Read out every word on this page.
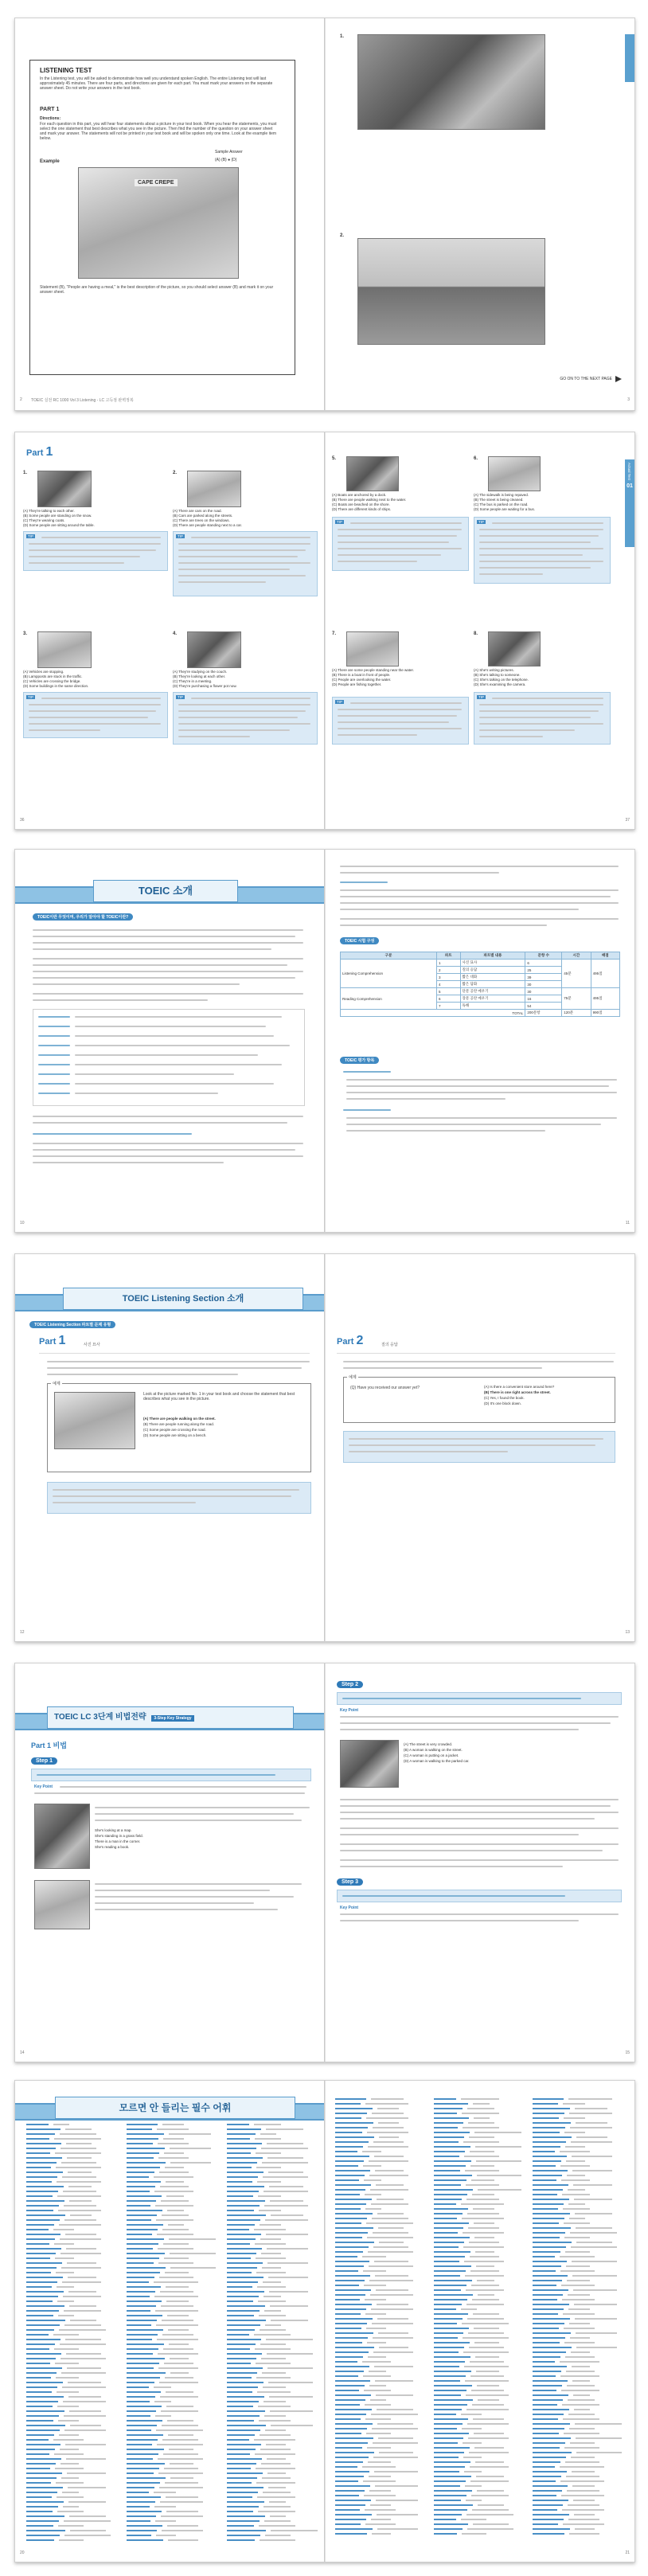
LISTENING TEST
In the Listening test, you will be asked to demonstrate how well you understand spoken English. The entire Listening test will last approximately 45 minutes. There are four parts, and directions are given for each part. You must mark your answers on the separate answer sheet. Do not write your answers in the test book.
PART 1
Directions:
For each question in this part, you will hear four statements about a picture in your test book. When you hear the statements, you must select the one statement that best describes what you see in the picture. Then find the number of the question on your answer sheet and mark your answer. The statements will not be printed in your test book and will be spoken only one time. Look at the example item below.
Example
Sample Answer
(A) (B) ● (D)
CAPE CREPE
Statement (B), "People are having a meal," is the best description of the picture, so you should select answer (B) and mark it on your answer sheet.
2 TOEIC 실전 RC 1000 Vol 3 Listening - LC 고득점 완벽정복
1.
2.
GO ON TO THE NEXT PAGE
3
Part 1
1.
(A) They're talking to each other.
(B) Some people are standing on the snow.
(C) They're wearing coats.
(D) Some people are sitting around the table.
TIP
2.
(A) There are cars on the road.
(B) Cars are parked along the streets.
(C) There are trees on the windows.
(D) There are people standing next to a car.
TIP
3.
(A) Vehicles are stopping.
(B) Lampposts are stuck in the traffic.
(C) Vehicles are crossing the bridge.
(D) Some buildings in the same direction.
TIP
4.
(A) They're studying on the couch.
(B) They're looking at each other.
(C) They're in a meeting.
(D) They're purchasing a flower pot now.
TIP
36
5.
(A) Boats are anchored by a dock.
(B) There are people walking next to the water.
(C) Boats are beached on the shore.
(D) There are different kinds of ships.
TIP
6.
(A) The sidewalk is being repaved.
(B) The street is being cleaned.
(C) The bus is parked on the road.
(D) Some people are waiting for a bus.
TIP
7.
(A) There are some people standing near the water.
(B) There is a boat in front of people.
(C) People are overlooking the water.
(D) People are fishing together.
TIP
8.
(A) She's writing pictures.
(B) She's talking to someone.
(C) She's talking on the telephone.
(D) She's examining the camera.
TIP
01
Actual Test
37
TOEIC 소개
TOEIC이란 무엇이며, 우리가 알아야 할 TOEIC이란?
10
TOEIC 시험 구성
구분	파트	파트별 내용	문항 수	시간	배점
Listening Comprehension	1	사진 묘사	6	45분	495점
	2	질의 응답	25		
	3	짧은 대화	39		
	4	짧은 담화	30		
Reading Comprehension	5	단문 공란 메우기	30	75분	495점
	6	장문 공란 메우기	16		
	7	독해	54		
TOTAL			200문항	120분	990점
TOEIC 평가 항목
11
TOEIC Listening Section 소개
TOEIC Listening Section 파트별 문제 유형
Part 1	사진 묘사
예제
Look at the picture marked No. 1 in your test book and choose the statement that best describes what you see in the picture.
(A) There are people walking on the street.
(B) There are people running along the road.
(C) Some people are crossing the road.
(D) Some people are sitting on a bench.
12
Part 2	질의 응답
예제
(Q) Have you received our answer yet?	(A) Is there a convenient store around here?
(B) There is one right across the street.
(C) Yes, I found the book.
(D) It's one block down.
13
TOEIC LC 3단계 비법전략 3-Step Key Strategy
Part 1 비법
Step 1
Key Point
She's looking at a map.
She's standing in a grass field.
There is a man in the corner.
She's reading a book.
14
Step 2
Key Point
(A) The street is very crowded.
(B) A woman is walking on the street.
(C) A woman is putting on a jacket.
(D) A woman is walking to the parked car.
Step 3
Key Point
15
모르면 안 들리는 필수 어휘
20	21
